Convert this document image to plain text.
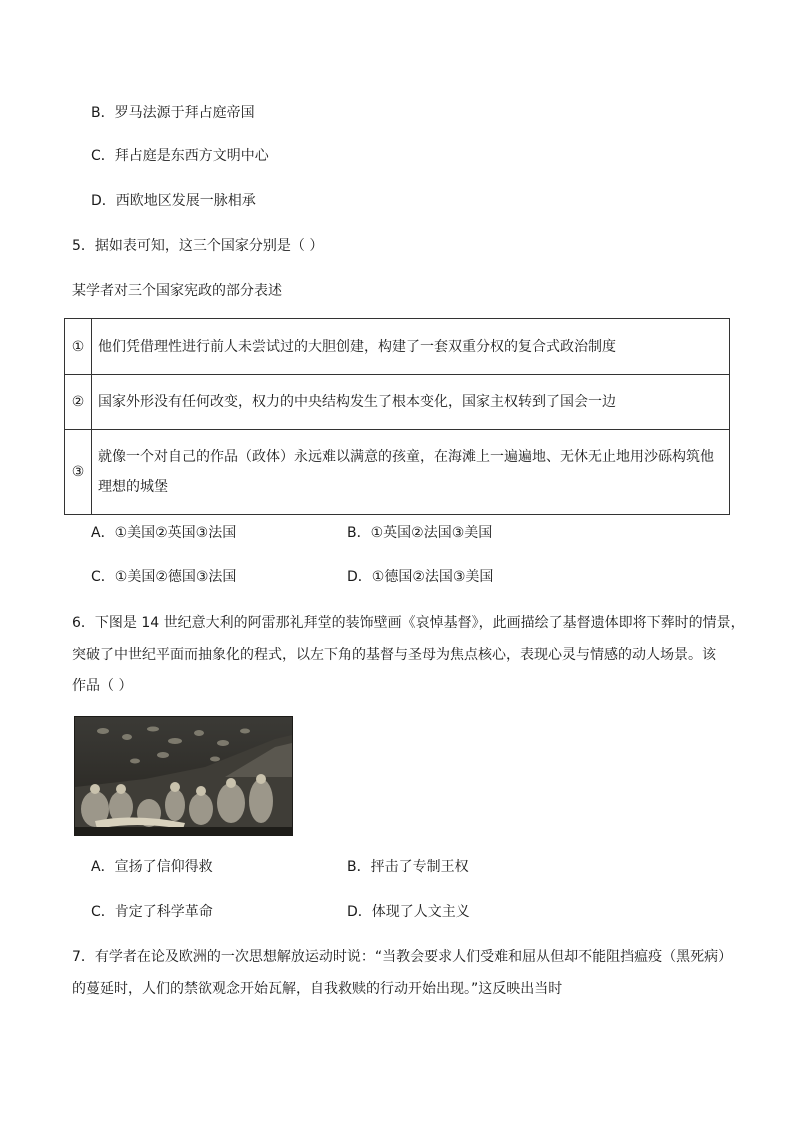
B．罗马法源于拜占庭帝国
C．拜占庭是东西方文明中心
D．西欧地区发展一脉相承
5．据如表可知，这三个国家分别是（ ）
某学者对三个国家宪政的部分表述
①	他们凭借理性进行前人未尝试过的大胆创建，构建了一套双重分权的复合式政治制度
②	国家外形没有任何改变，权力的中央结构发生了根本变化，国家主权转到了国会一边
③	就像一个对自己的作品（政体）永远难以满意的孩童，在海滩上一遍遍地、无休无止地用沙砾构筑他
理想的城堡
A．①美国②英国③法国	B．①英国②法国③美国
C．①美国②德国③法国	D．①德国②法国③美国
6．下图是 14 世纪意大利的阿雷那礼拜堂的装饰壁画《哀悼基督》，此画描绘了基督遗体即将下葬时的情景，
突破了中世纪平面而抽象化的程式，以左下角的基督与圣母为焦点核心，表现心灵与情感的动人场景。该
作品（ ）
A．宣扬了信仰得救	B．抨击了专制王权
C．肯定了科学革命	D．体现了人文主义
7．有学者在论及欧洲的一次思想解放运动时说：“当教会要求人们受难和屈从但却不能阻挡瘟疫（黑死病）
的蔓延时，人们的禁欲观念开始瓦解，自我救赎的行动开始出现。”这反映出当时
